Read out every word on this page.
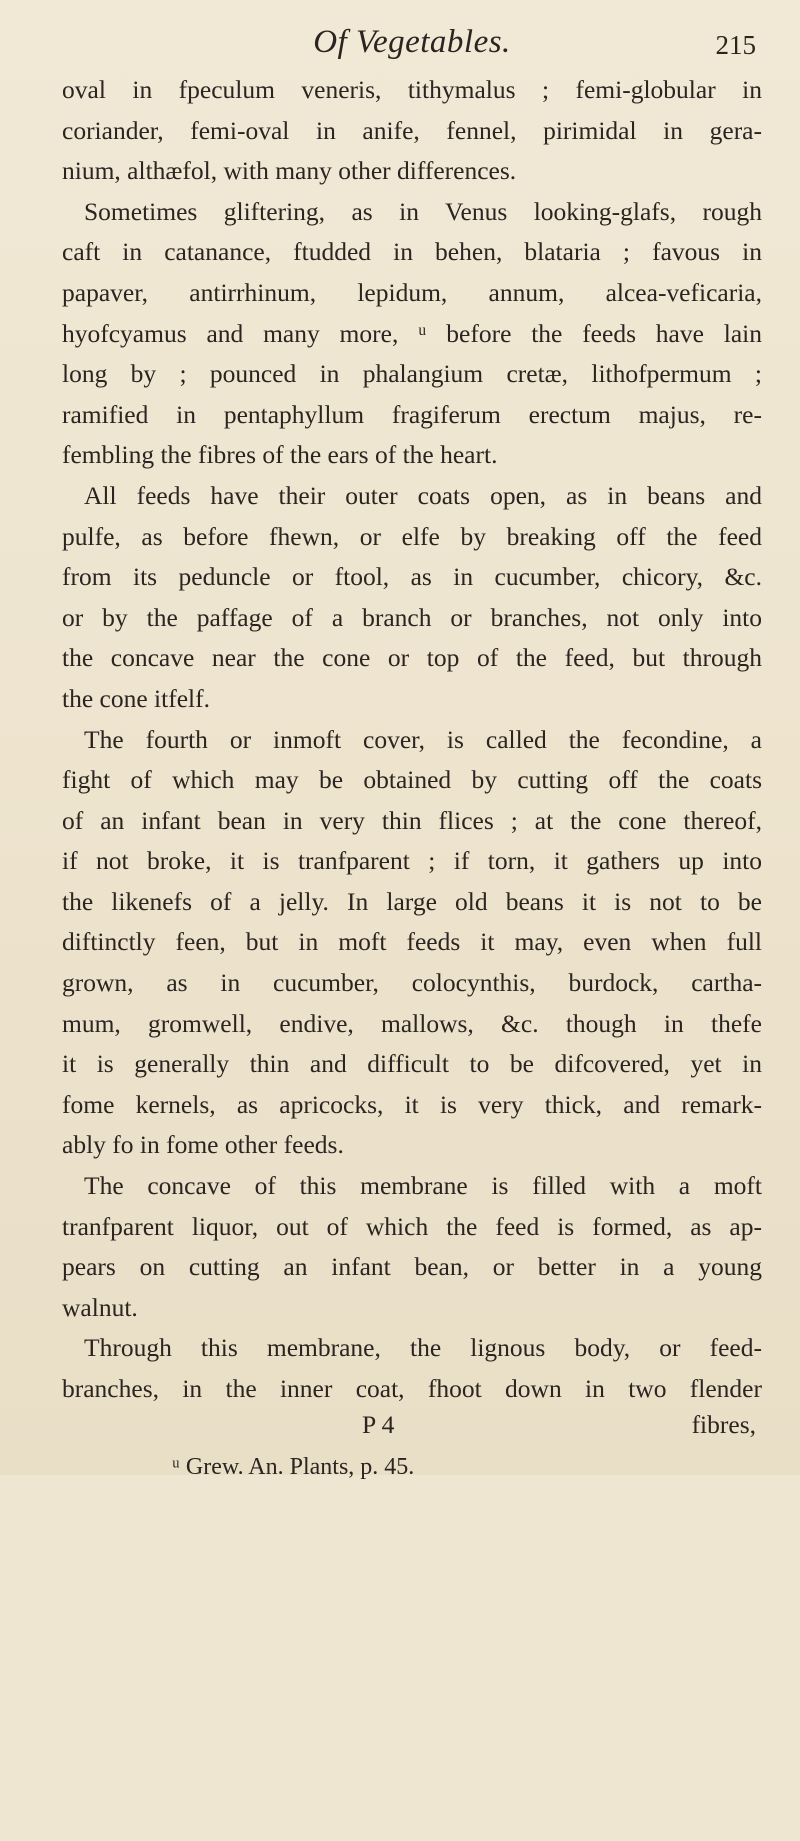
Of Vegetables.	215
oval in fpeculum veneris, tithymalus ; femi-globular in
coriander, femi-oval in anife, fennel, pirimidal in gera-
nium, althæfol, with many other differences.
Sometimes gliftering, as in Venus looking-glafs, rough
caft in catanance, ftudded in behen, blataria ; favous in
papaver, antirrhinum, lepidum, annum, alcea-veficaria,
hyofcyamus and many more, ᵘ before the feeds have lain
long by ; pounced in phalangium cretæ, lithofpermum ;
ramified in pentaphyllum fragiferum erectum majus, re-
fembling the fibres of the ears of the heart.
All feeds have their outer coats open, as in beans and
pulfe, as before fhewn, or elfe by breaking off the feed
from its peduncle or ftool, as in cucumber, chicory, &c.
or by the paffage of a branch or branches, not only into
the concave near the cone or top of the feed, but through
the cone itfelf.
The fourth or inmoft cover, is called the fecondine, a
fight of which may be obtained by cutting off the coats
of an infant bean in very thin flices ; at the cone thereof,
if not broke, it is tranfparent ; if torn, it gathers up into
the likenefs of a jelly. In large old beans it is not to be
diftinctly feen, but in moft feeds it may, even when full
grown, as in cucumber, colocynthis, burdock, cartha-
mum, gromwell, endive, mallows, &c. though in thefe
it is generally thin and difficult to be difcovered, yet in
fome kernels, as apricocks, it is very thick, and remark-
ably fo in fome other feeds.
The concave of this membrane is filled with a moft
tranfparent liquor, out of which the feed is formed, as ap-
pears on cutting an infant bean, or better in a young
walnut.
Through this membrane, the lignous body, or feed-
branches, in the inner coat, fhoot down in two flender
P 4	fibres,
ᵘ Grew. An. Plants, p. 45.
